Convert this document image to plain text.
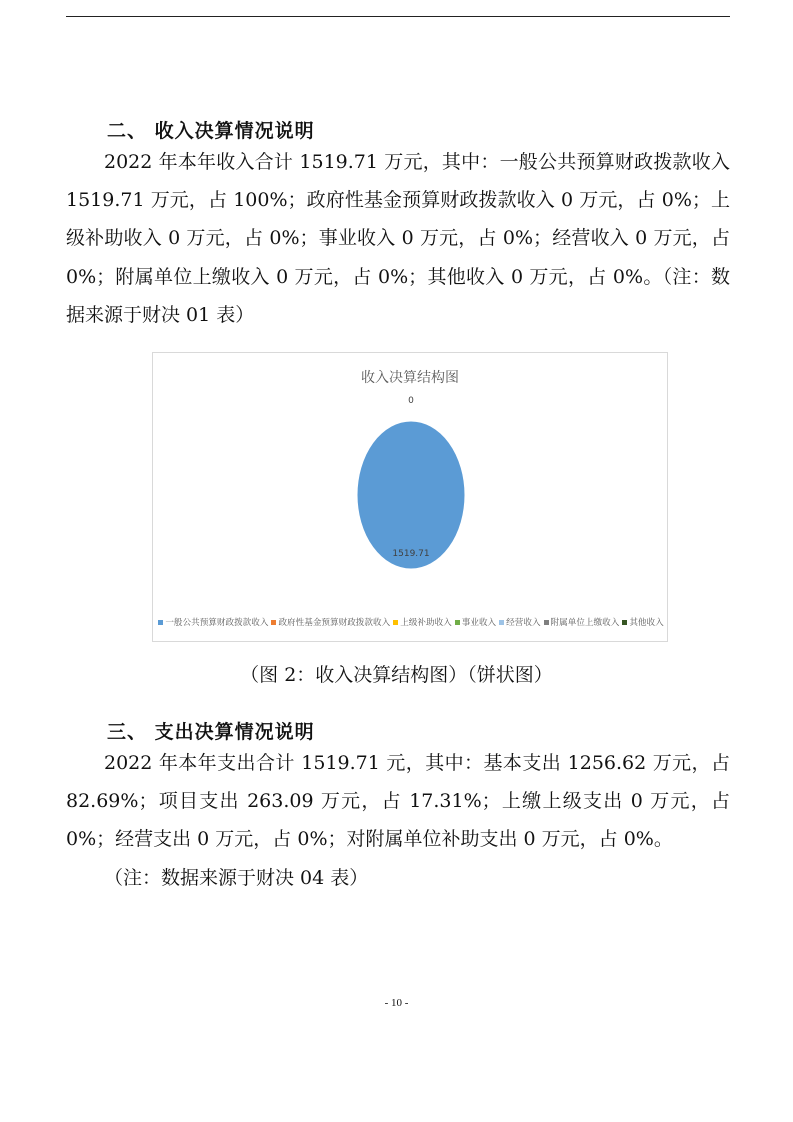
二、 收入决算情况说明

2022 年本年收入合计 1519.71 万元，其中：一般公共预算财政拨款收入 1519.71 万元，占 100%；政府性基金预算财政拨款收入 0 万元，占 0%；上级补助收入 0 万元，占 0%；事业收入 0 万元，占 0%；经营收入 0 万元，占 0%；附属单位上缴收入 0 万元，占 0%；其他收入 0 万元，占 0%。（注：数据来源于财决 01 表）

收入决算结构图
0
1519.71
一般公共预算财政拨款收入 政府性基金预算财政拨款收入 上级补助收入 事业收入 经营收入 附属单位上缴收入 其他收入
（图 2：收入决算结构图）（饼状图）
三、 支出决算情况说明

2022 年本年支出合计 1519.71 元，其中：基本支出 1256.62 万元，占 82.69%；项目支出 263.09 万元，占 17.31%；上缴上级支出 0 万元，占 0%；经营支出 0 万元，占 0%；对附属单位补助支出 0 万元，占 0%。

（注：数据来源于财决 04 表）
- 10 -
